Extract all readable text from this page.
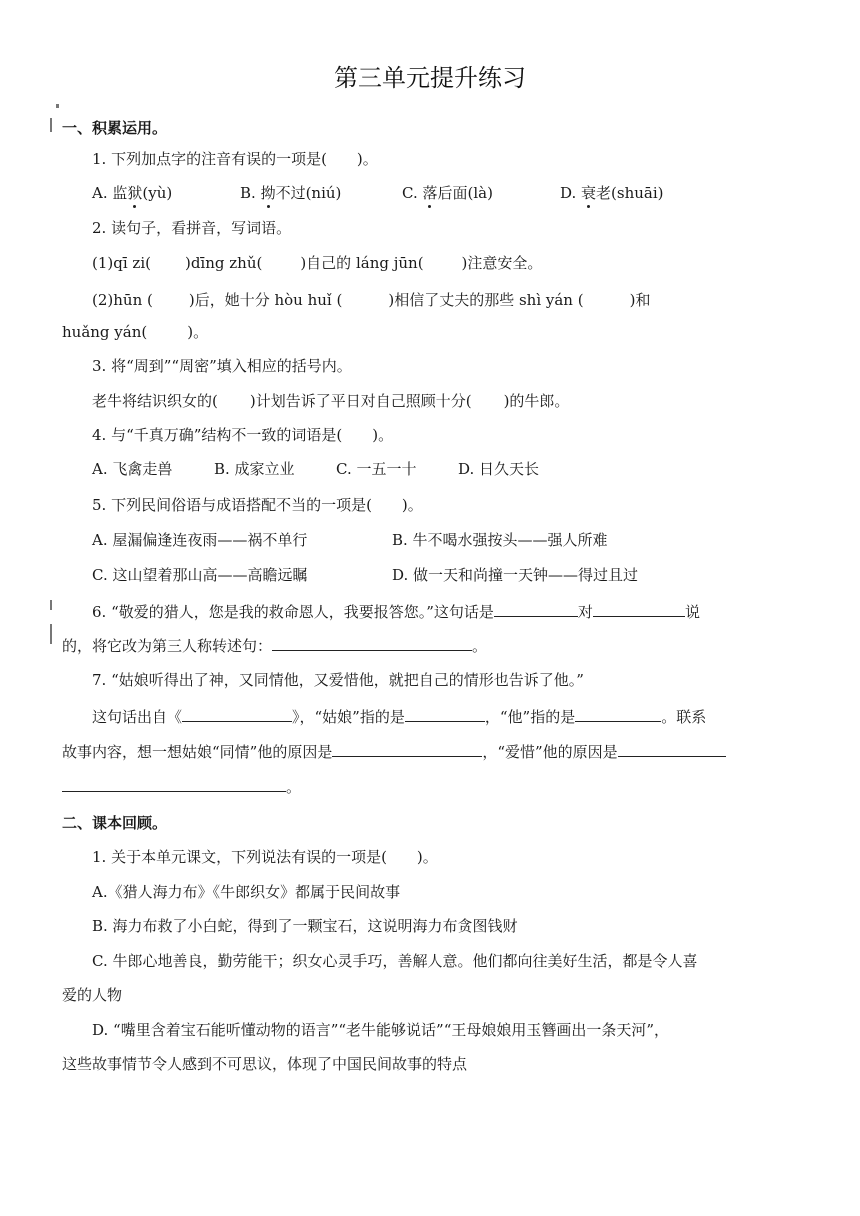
第三单元提升练习
一、积累运用。
1. 下列加点字的注音有误的一项是(　　)。
A. 监狱(yù)	B. 拗不过(niú)	C. 落后面(là)	D. 衰老(shuāi)
2. 读句子，看拼音，写词语。
(1)qī zi( )dīng zhǔ(	)自己的 láng jūn(	)注意安全。
(2)hūn ( )后，她十分 hòu huǐ (	)相信了丈夫的那些 shì yán (	)和
huǎng yán(	)。
3. 将“周到”“周密”填入相应的括号内。
老牛将结识织女的( )计划告诉了平日对自己照顾十分( )的牛郎。
4. 与“千真万确”结构不一致的词语是(　　)。
A. 飞禽走兽	B. 成家立业	C. 一五一十	D. 日久天长
5. 下列民间俗语与成语搭配不当的一项是(　　)。
A. 屋漏偏逢连夜雨——祸不单行	B. 牛不喝水强按头——强人所难
C. 这山望着那山高——高瞻远瞩	D. 做一天和尚撞一天钟——得过且过
6. “敬爱的猎人，您是我的救命恩人，我要报答您。”这句话是	对	说
的，将它改为第三人称转述句：	。
7. “姑娘听得出了神，又同情他，又爱惜他，就把自己的情形也告诉了他。”
这句话出自《	》，“姑娘”指的是	，“他”指的是	。联系
故事内容，想一想姑娘“同情”他的原因是	，“爱惜”他的原因是
。
二、课本回顾。
1. 关于本单元课文，下列说法有误的一项是(　　)。
A.《猎人海力布》《牛郎织女》都属于民间故事
B. 海力布救了小白蛇，得到了一颗宝石，这说明海力布贪图钱财
C. 牛郎心地善良，勤劳能干；织女心灵手巧，善解人意。他们都向往美好生活，都是令人喜
爱的人物
D. “嘴里含着宝石能听懂动物的语言”“老牛能够说话”“王母娘娘用玉簪画出一条天河”，
这些故事情节令人感到不可思议，体现了中国民间故事的特点
